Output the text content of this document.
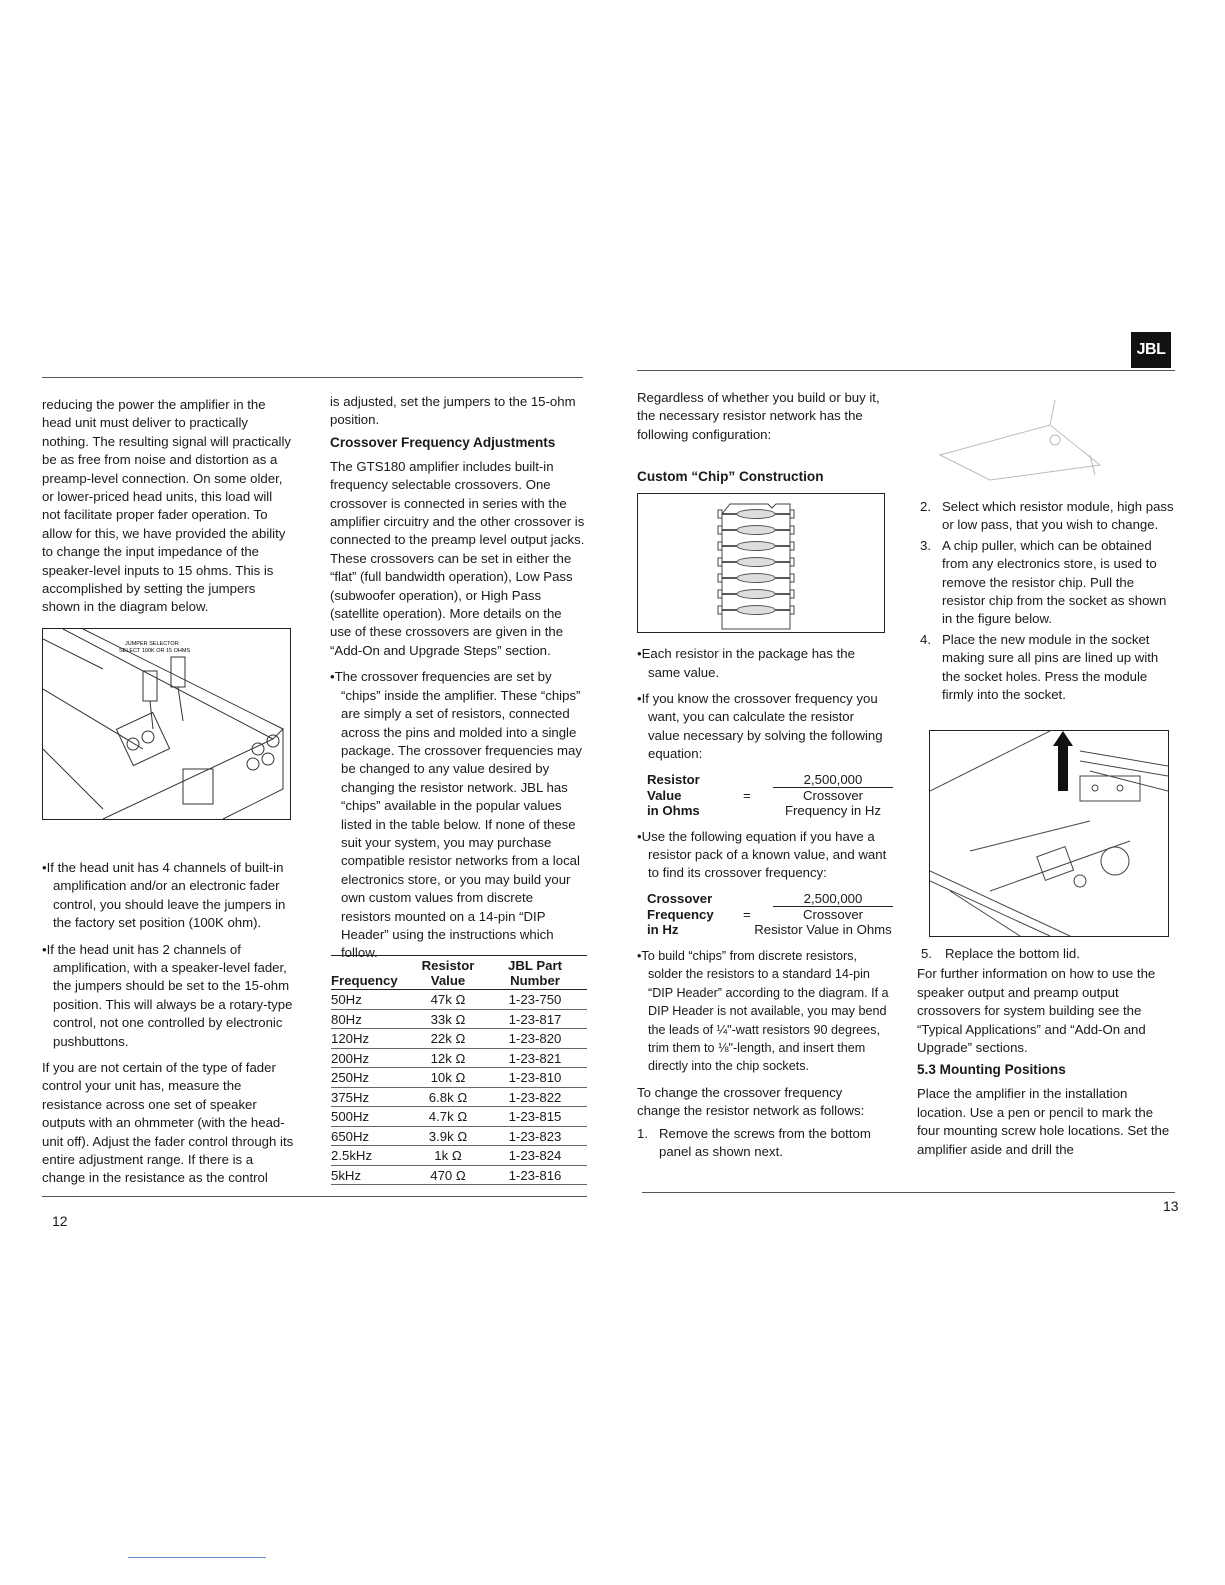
JBL

reducing the power the amplifier in the head unit must deliver to practically nothing. The resulting signal will practically be as free from noise and distortion as a preamp-level connection. On some older, or lower-priced head units, this load will not facilitate proper fader operation. To allow for this, we have provided the ability to change the input impedance of the speaker-level inputs to 15 ohms. This is accomplished by setting the jumpers shown in the diagram below.

• If the head unit has 4 channels of built-in amplification and/or an electronic fader control, you should leave the jumpers in the factory set position (100K ohm).

• If the head unit has 2 channels of amplification, with a speaker-level fader, the jumpers should be set to the 15-ohm position. This will always be a rotary-type control, not one controlled by electronic pushbuttons.

If you are not certain of the type of fader control your unit has, measure the resistance across one set of speaker outputs with an ohmmeter (with the head-unit off). Adjust the fader control through its entire adjustment range. If there is a change in the resistance as the control

JUMPER SELECTOR
SELECT 100K OR 15 OHMS

is adjusted, set the jumpers to the 15-ohm position.

Crossover Frequency Adjustments

The GTS180 amplifier includes built-in frequency selectable crossovers. One crossover is connected in series with the amplifier circuitry and the other crossover is connected to the preamp level output jacks. These crossovers can be set in either the “flat” (full bandwidth operation), Low Pass (subwoofer operation), or High Pass (satellite operation). More details on the use of these crossovers are given in the “Add-On and Upgrade Steps” section.

• The crossover frequencies are set by “chips” inside the amplifier. These “chips” are simply a set of resistors, connected across the pins and molded into a single package. The crossover frequencies may be changed to any value desired by changing the resistor network. JBL has “chips” available in the popular values listed in the table below. If none of these suit your system, you may purchase compatible resistor networks from a local electronics store, or you may build your own custom values from discrete resistors mounted on a 14-pin “DIP Header” using the instructions which follow.

Frequency	Resistor Value	JBL Part Number
50Hz	47k Ω	1-23-750
80Hz	33k Ω	1-23-817
120Hz	22k Ω	1-23-820
200Hz	12k Ω	1-23-821
250Hz	10k Ω	1-23-810
375Hz	6.8k Ω	1-23-822
500Hz	4.7k Ω	1-23-815
650Hz	3.9k Ω	1-23-823
2.5kHz	1k Ω	1-23-824
5kHz	470 Ω	1-23-816
12

Regardless of whether you build or buy it, the necessary resistor network has the following configuration:

Custom “Chip” Construction

• Each resistor in the package has the same value.

• If you know the crossover frequency you want, you can calculate the resistor value necessary by solving the following equation:

Resistor	2,500,000
Value	=	Crossover
in Ohms	Frequency in Hz

• Use the following equation if you have a resistor pack of a known value, and want to find its crossover frequency:

Crossover	2,500,000
Frequency	=	Crossover
in Hz	Resistor Value in Ohms

• To build “chips” from discrete resistors, solder the resistors to a standard 14-pin “DIP Header” according to the diagram. If a DIP Header is not available, you may bend the leads of ¼"-watt resistors 90 degrees, trim them to ⅛"-length, and insert them directly into the chip sockets.

To change the crossover frequency change the resistor network as follows:

1. Remove the screws from the bottom panel as shown next.

2. Select which resistor module, high pass or low pass, that you wish to change.

3. A chip puller, which can be obtained from any electronics store, is used to remove the resistor chip. Pull the resistor chip from the socket as shown in the figure below.

4. Place the new module in the socket making sure all pins are lined up with the socket holes. Press the module firmly into the socket.

5. Replace the bottom lid.

For further information on how to use the speaker output and preamp output crossovers for system building see the “Typical Applications” and “Add-On and Upgrade” sections.

5.3 Mounting Positions

Place the amplifier in the installation location. Use a pen or pencil to mark the four mounting screw hole locations. Set the amplifier aside and drill the

13
